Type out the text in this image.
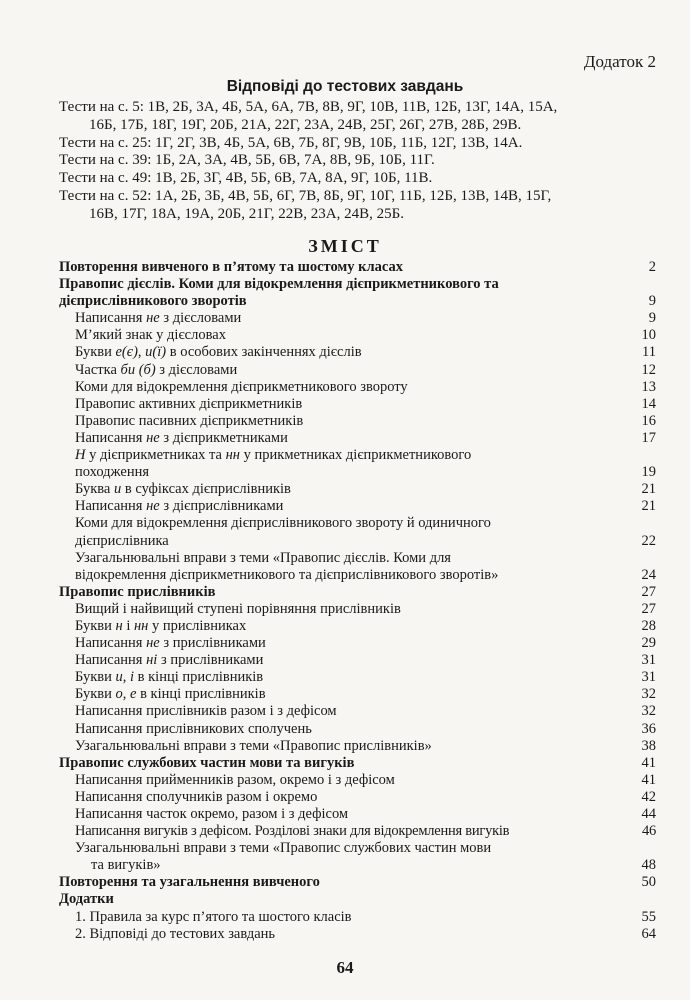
Додаток 2
Відповіді до тестових завдань
Тести на с. 5: 1В, 2Б, 3А, 4Б, 5А, 6А, 7В, 8В, 9Г, 10В, 11В, 12Б, 13Г, 14А, 15А,
16Б, 17Б, 18Г, 19Г, 20Б, 21А, 22Г, 23А, 24В, 25Г, 26Г, 27В, 28Б, 29В.
Тести на с. 25: 1Г, 2Г, 3В, 4Б, 5А, 6В, 7Б, 8Г, 9В, 10Б, 11Б, 12Г, 13В, 14А.
Тести на с. 39: 1Б, 2А, 3А, 4В, 5Б, 6В, 7А, 8В, 9Б, 10Б, 11Г.
Тести на с. 49: 1В, 2Б, 3Г, 4В, 5Б, 6В, 7А, 8А, 9Г, 10Б, 11В.
Тести на с. 52: 1А, 2Б, 3Б, 4В, 5Б, 6Г, 7В, 8Б, 9Г, 10Г, 11Б, 12Б, 13В, 14В, 15Г,
16В, 17Г, 18А, 19А, 20Б, 21Г, 22В, 23А, 24В, 25Б.
ЗМІСТ
Повторення вивченого в п’ятому та шостому класах	2
Правопис дієслів. Коми для відокремлення дієприкметникового та
дієприслівникового зворотів	9
Написання не з дієсловами	9
М’який знак у дієсловах	10
Букви е(є), и(ї) в особових закінченнях дієслів	11
Частка би (б) з дієсловами	12
Коми для відокремлення дієприкметникового звороту	13
Правопис активних дієприкметників	14
Правопис пасивних дієприкметників	16
Написання не з дієприкметниками	17
Н у дієприкметниках та нн у прикметниках дієприкметникового
походження	19
Буква и в суфіксах дієприслівників	21
Написання не з дієприслівниками	21
Коми для відокремлення дієприслівникового звороту й одиничного
дієприслівника	22
Узагальнювальні вправи з теми «Правопис дієслів. Коми для
відокремлення дієприкметникового та дієприслівникового зворотів»	24
Правопис прислівників	27
Вищий і найвищий ступені порівняння прислівників	27
Букви н і нн у прислівниках	28
Написання не з прислівниками	29
Написання ні з прислівниками	31
Букви и, і в кінці прислівників	31
Букви о, е в кінці прислівників	32
Написання прислівників разом і з дефісом	32
Написання прислівникових сполучень	36
Узагальнювальні вправи з теми «Правопис прислівників»	38
Правопис службових частин мови та вигуків	41
Написання прийменників разом, окремо і з дефісом	41
Написання сполучників разом і окремо	42
Написання часток окремо, разом і з дефісом	44
Написання вигуків з дефісом. Розділові знаки для відокремлення вигуків	46
Узагальнювальні вправи з теми «Правопис службових частин мови
та вигуків»	48
Повторення та узагальнення вивченого	50
Додатки
1. Правила за курс п’ятого та шостого класів	55
2. Відповіді до тестових завдань	64
64
